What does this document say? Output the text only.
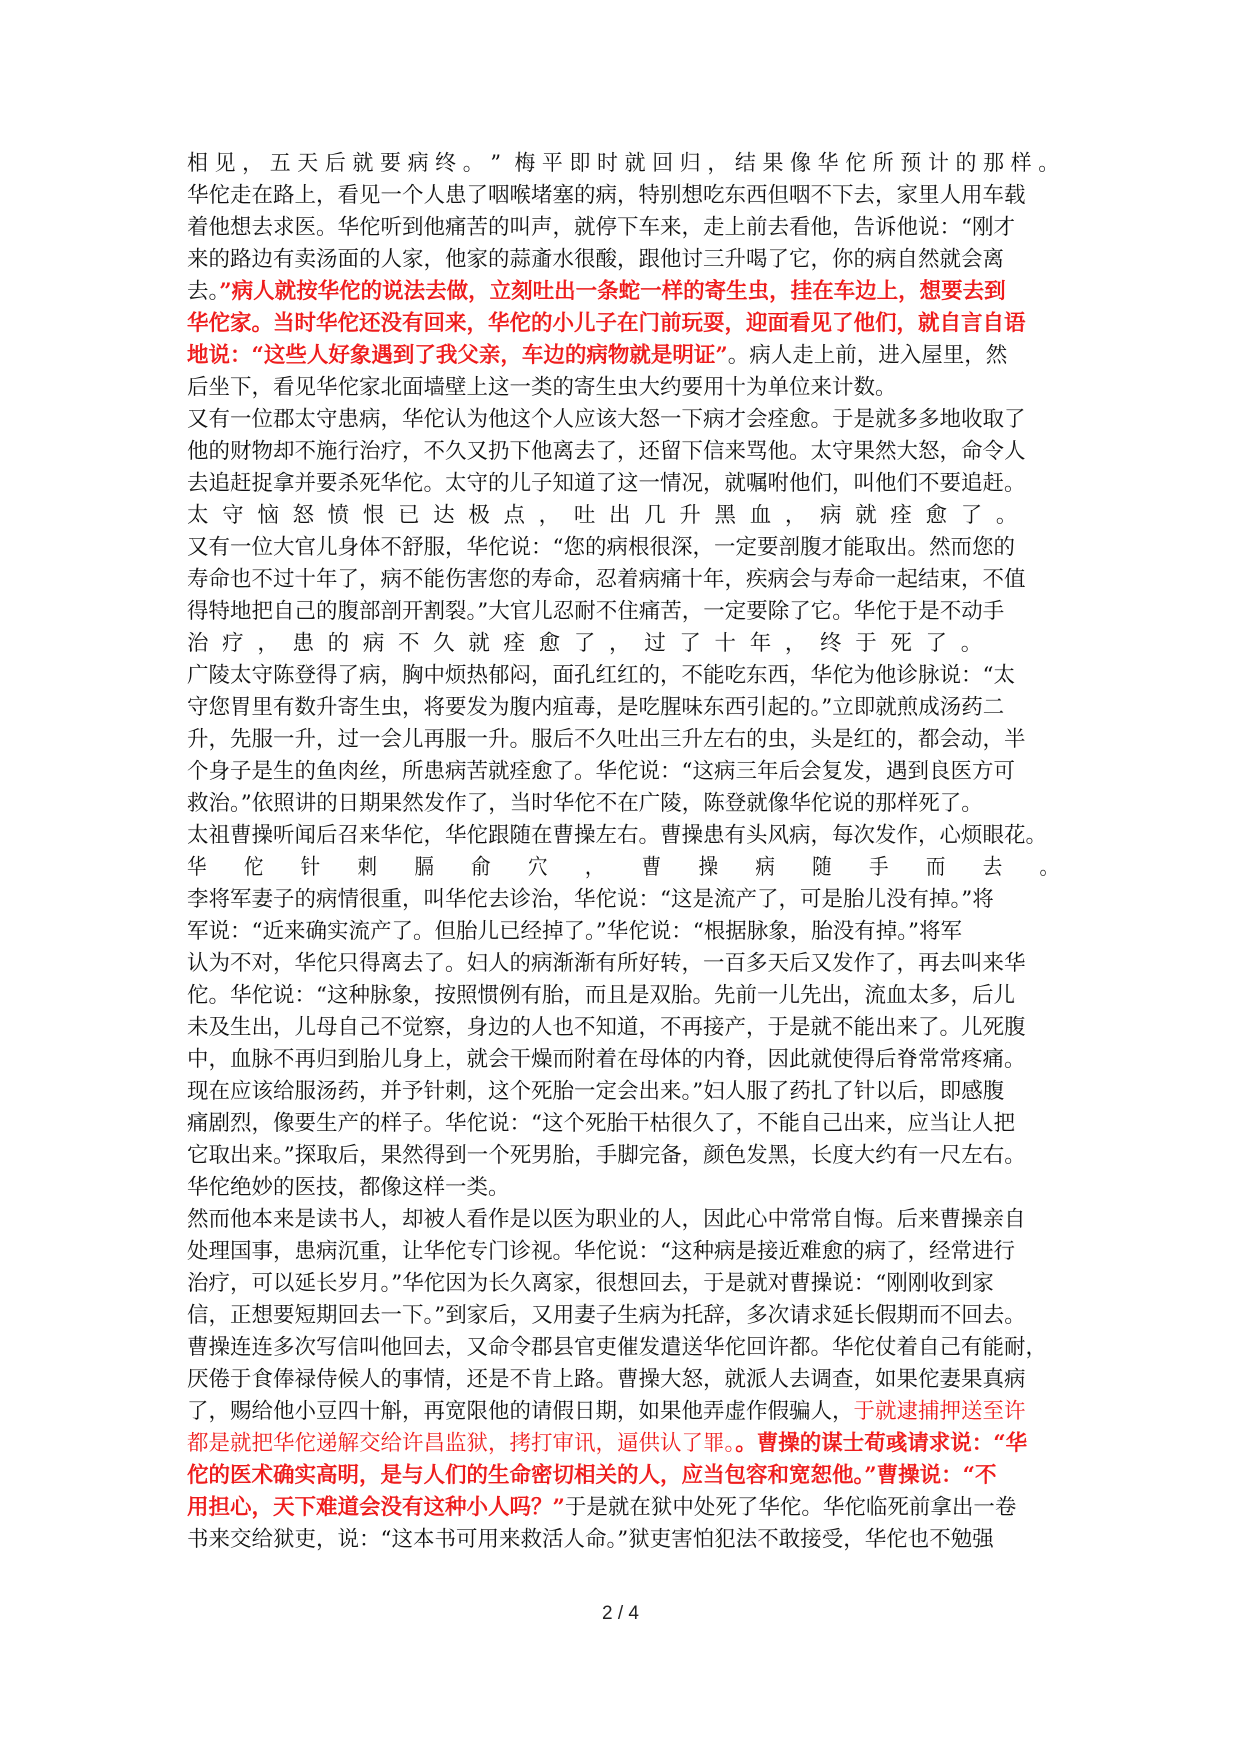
相 见 ， 五 天 后 就 要 病 终 。 ”  梅 平 即 时 就 回 归 ， 结 果 像 华 佗 所 预 计 的 那 样 。
华佗走在路上，看见一个人患了咽喉堵塞的病，特别想吃东西但咽不下去，家里人用车载
着他想去求医。华佗听到他痛苦的叫声，就停下车来，走上前去看他，告诉他说：“刚才
来的路边有卖汤面的人家，他家的蒜齑水很酸，跟他讨三升喝了它，你的病自然就会离
去。”病人就按华佗的说法去做，立刻吐出一条蛇一样的寄生虫，挂在车边上，想要去到
华佗家。当时华佗还没有回来，华佗的小儿子在门前玩耍，迎面看见了他们，就自言自语
地说：“这些人好象遇到了我父亲，车边的病物就是明证”。病人走上前，进入屋里，然
后坐下，看见华佗家北面墙壁上这一类的寄生虫大约要用十为单位来计数。
又有一位郡太守患病，华佗认为他这个人应该大怒一下病才会痊愈。于是就多多地收取了
他的财物却不施行治疗，不久又扔下他离去了，还留下信来骂他。太守果然大怒，命令人
去追赶捉拿并要杀死华佗。太守的儿子知道了这一情况，就嘱咐他们，叫他们不要追赶。
太  守  恼  怒  愤  恨  已  达  极  点  ，  吐  出  几  升  黑  血  ，  病  就  痊  愈  了  。
又有一位大官儿身体不舒服，华佗说：“您的病根很深，一定要剖腹才能取出。然而您的
寿命也不过十年了，病不能伤害您的寿命，忍着病痛十年，疾病会与寿命一起结束，不值
得特地把自己的腹部剖开割裂。”大官儿忍耐不住痛苦，一定要除了它。华佗于是不动手
治  疗  ，  患  的  病  不  久  就  痊  愈  了  ，  过  了  十  年  ，  终  于  死  了  。
广陵太守陈登得了病，胸中烦热郁闷，面孔红红的，不能吃东西，华佗为他诊脉说：“太
守您胃里有数升寄生虫，将要发为腹内疽毒，是吃腥味东西引起的。”立即就煎成汤药二
升，先服一升，过一会儿再服一升。服后不久吐出三升左右的虫，头是红的，都会动，半
个身子是生的鱼肉丝，所患病苦就痊愈了。华佗说：“这病三年后会复发，遇到良医方可
救治。”依照讲的日期果然发作了，当时华佗不在广陵，陈登就像华佗说的那样死了。
太祖曹操听闻后召来华佗，华佗跟随在曹操左右。曹操患有头风病，每次发作，心烦眼花。
华      佗      针      刺      膈      俞      穴      ，      曹      操      病      随      手      而      去      。
李将军妻子的病情很重，叫华佗去诊治，华佗说：“这是流产了，可是胎儿没有掉。”将
军说：“近来确实流产了。但胎儿已经掉了。”华佗说：“根据脉象，胎没有掉。”将军
认为不对，华佗只得离去了。妇人的病渐渐有所好转，一百多天后又发作了，再去叫来华
佗。华佗说：“这种脉象，按照惯例有胎，而且是双胎。先前一儿先出，流血太多，后儿
未及生出，儿母自己不觉察，身边的人也不知道，不再接产，于是就不能出来了。儿死腹
中，血脉不再归到胎儿身上，就会干燥而附着在母体的内脊，因此就使得后脊常常疼痛。
现在应该给服汤药，并予针刺，这个死胎一定会出来。”妇人服了药扎了针以后，即感腹
痛剧烈，像要生产的样子。华佗说：“这个死胎干枯很久了，不能自己出来，应当让人把
它取出来。”探取后，果然得到一个死男胎，手脚完备，颜色发黑，长度大约有一尺左右。
华佗绝妙的医技，都像这样一类。
然而他本来是读书人，却被人看作是以医为职业的人，因此心中常常自悔。后来曹操亲自
处理国事，患病沉重，让华佗专门诊视。华佗说：“这种病是接近难愈的病了，经常进行
治疗，可以延长岁月。”华佗因为长久离家，很想回去，于是就对曹操说：“刚刚收到家
信，正想要短期回去一下。”到家后，又用妻子生病为托辞，多次请求延长假期而不回去。
曹操连连多次写信叫他回去，又命令郡县官吏催发遣送华佗回许都。华佗仗着自己有能耐，
厌倦于食俸禄侍候人的事情，还是不肯上路。曹操大怒，就派人去调查，如果佗妻果真病
了，赐给他小豆四十斛，再宽限他的请假日期，如果他弄虚作假骗人，于就逮捕押送至许
都是就把华佗递解交给许昌监狱，拷打审讯，逼供认了罪。。曹操的谋士荀彧请求说：“华
佗的医术确实高明，是与人们的生命密切相关的人，应当包容和宽恕他。”曹操说：“不
用担心，天下难道会没有这种小人吗？”于是就在狱中处死了华佗。华佗临死前拿出一卷
书来交给狱吏，说：“这本书可用来救活人命。”狱吏害怕犯法不敢接受，华佗也不勉强
2 / 4
